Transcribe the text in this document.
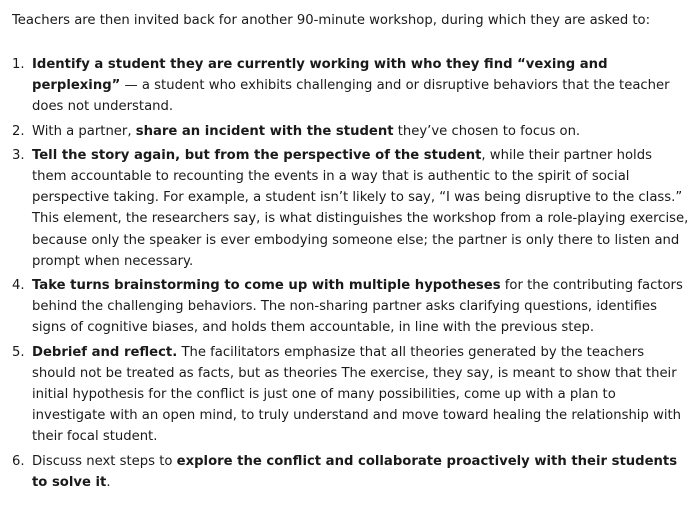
Teachers are then invited back for another 90-minute workshop, during which they are asked to:

1. Identify a student they are currently working with who they find “vexing and perplexing” — a student who exhibits challenging and or disruptive behaviors that the teacher does not understand.
2. With a partner, share an incident with the student they’ve chosen to focus on.
3. Tell the story again, but from the perspective of the student, while their partner holds them accountable to recounting the events in a way that is authentic to the spirit of social perspective taking. For example, a student isn’t likely to say, “I was being disruptive to the class.” This element, the researchers say, is what distinguishes the workshop from a role-playing exercise, because only the speaker is ever embodying someone else; the partner is only there to listen and prompt when necessary.
4. Take turns brainstorming to come up with multiple hypotheses for the contributing factors behind the challenging behaviors. The non-sharing partner asks clarifying questions, identifies signs of cognitive biases, and holds them accountable, in line with the previous step.
5. Debrief and reflect. The facilitators emphasize that all theories generated by the teachers should not be treated as facts, but as theories The exercise, they say, is meant to show that their initial hypothesis for the conflict is just one of many possibilities, come up with a plan to investigate with an open mind, to truly understand and move toward healing the relationship with their focal student.
6. Discuss next steps to explore the conflict and collaborate proactively with their students to solve it.
